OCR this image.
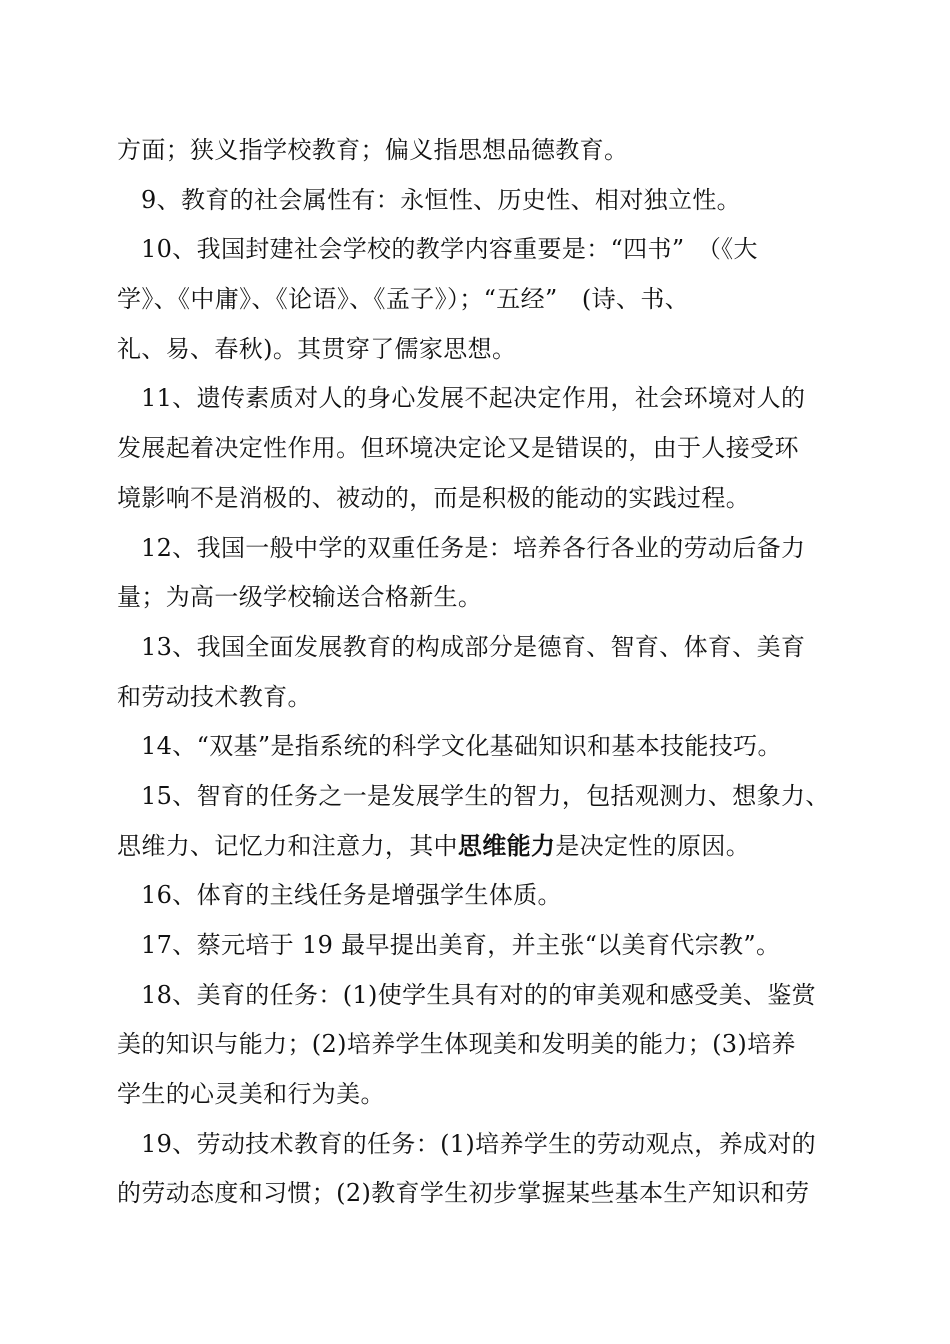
方面；狭义指学校教育；偏义指思想品德教育。
9、教育的社会属性有：永恒性、历史性、相对独立性。
10、我国封建社会学校的教学内容重要是：“四书”　（《大
学》、《中庸》、《论语》、《孟子》）；“五经”　(诗、书、
礼、易、春秋)。其贯穿了儒家思想。
11、遗传素质对人的身心发展不起决定作用，社会环境对人的
发展起着决定性作用。但环境决定论又是错误的，由于人接受环
境影响不是消极的、被动的，而是积极的能动的实践过程。
12、我国一般中学的双重任务是：培养各行各业的劳动后备力
量；为高一级学校输送合格新生。
13、我国全面发展教育的构成部分是德育、智育、体育、美育
和劳动技术教育。
14、“双基”是指系统的科学文化基础知识和基本技能技巧。
15、智育的任务之一是发展学生的智力，包括观测力、想象力、
思维力、记忆力和注意力，其中思维能力是决定性的原因。
16、体育的主线任务是增强学生体质。
17、蔡元培于 19 最早提出美育，并主张“以美育代宗教”。
18、美育的任务：(1)使学生具有对的的审美观和感受美、鉴赏
美的知识与能力；(2)培养学生体现美和发明美的能力；(3)培养
学生的心灵美和行为美。
19、劳动技术教育的任务：(1)培养学生的劳动观点，养成对的
的劳动态度和习惯；(2)教育学生初步掌握某些基本生产知识和劳
